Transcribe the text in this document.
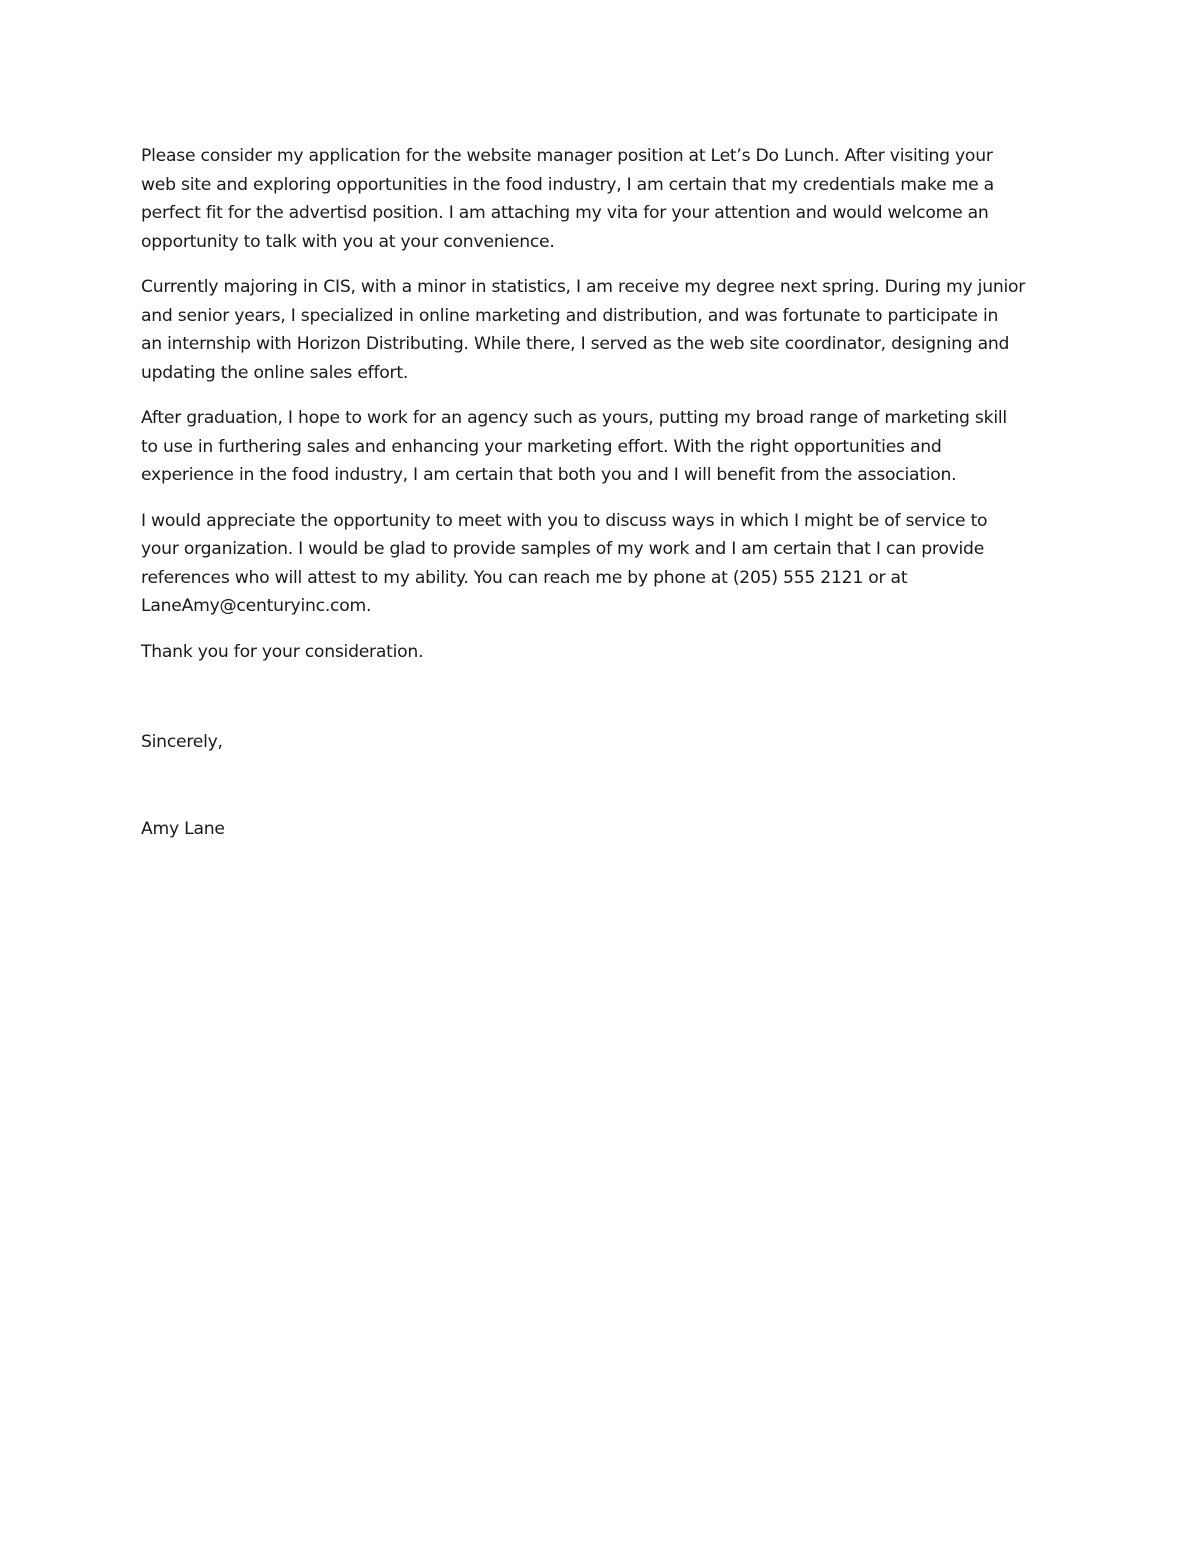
Please consider my application for the website manager position at Let’s Do Lunch. After visiting your
web site and exploring opportunities in the food industry, I am certain that my credentials make me a
perfect fit for the advertisd position. I am attaching my vita for your attention and would welcome an
opportunity to talk with you at your convenience.

Currently majoring in CIS, with a minor in statistics, I am receive my degree next spring. During my junior
and senior years, I specialized in online marketing and distribution, and was fortunate to participate in
an internship with Horizon Distributing. While there, I served as the web site coordinator, designing and
updating the online sales effort.

After graduation, I hope to work for an agency such as yours, putting my broad range of marketing skill
to use in furthering sales and enhancing your marketing effort. With the right opportunities and
experience in the food industry, I am certain that both you and I will benefit from the association.

I would appreciate the opportunity to meet with you to discuss ways in which I might be of service to
your organization. I would be glad to provide samples of my work and I am certain that I can provide
references who will attest to my ability. You can reach me by phone at (205) 555 2121 or at
LaneAmy@centuryinc.com.

Thank you for your consideration.

Sincerely,

Amy Lane
